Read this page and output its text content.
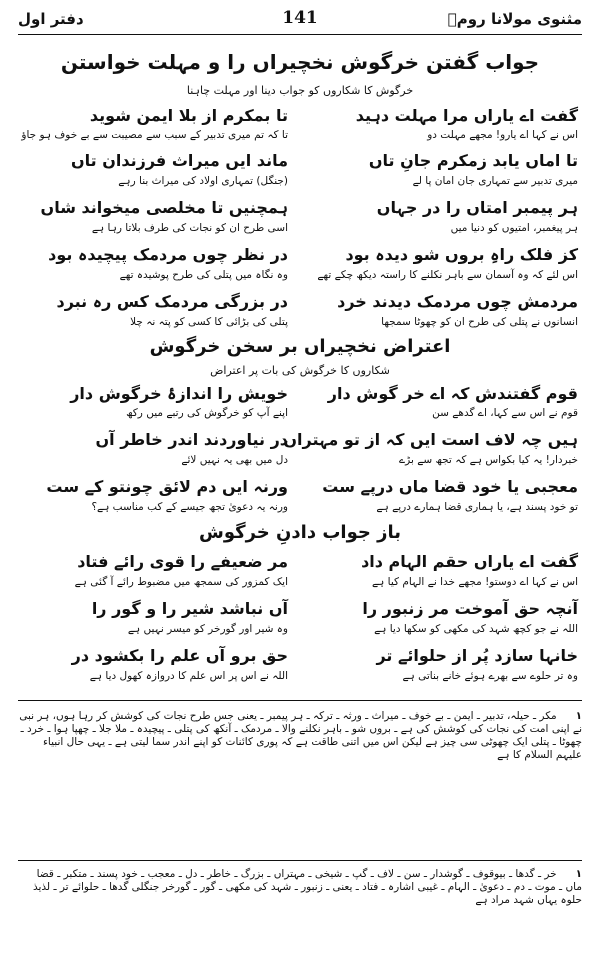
مثنوی مولانا رومؒ
141
دفتر اول
جواب گفتن خرگوش نخچیراں را و مہلت خواستن
خرگوش کا شکاروں کو جواب دینا اور مہلت چاہنا
گفت اے یاراں مرا مہلت دہید
تا بمکرم از بلا ایمن شوید
اس نے کہا اے یارو! مجھے مہلت دو
تا کہ تم میری تدبیر کے سبب سے مصیبت سے بے خوف ہو جاؤ
تا اماں یابد زمکرم جانِ تاں
ماند ایں میراث فرزندان تاں
میری تدبیر سے تمہاری جان امان پا لے
(جنگل) تمہاری اولاد کی میراث بنا رہے
ہر پیمبر امتاں را در جہاں
ہمچنیں تا مخلصی میخواند شاں
ہر پیغمبر، امتیوں کو دنیا میں
اسی طرح ان کو نجات کی طرف بلاتا رہا ہے
کز فلک راہِ بروں شو دیدہ بود
در نظر چوں مردمک پیچیدہ بود
اس لئے کہ وہ آسمان سے باہر نکلنے کا راستہ دیکھ چکے تھے
وہ نگاہ میں پتلی کی طرح پوشیدہ تھے
مردمش چوں مردمک دیدند خرد
در بزرگی مردمک کس رہ نبرد
انسانوں نے پتلی کی طرح ان کو چھوٹا سمجھا
پتلی کی بڑائی کا کسی کو پتہ نہ چلا
اعتراض نخچیراں بر سخن خرگوش
شکاروں کا خرگوش کی بات پر اعتراض
قوم گفتندش کہ اے خر گوش دار
خویش را اندازۂ خرگوش دار
قوم نے اس سے کہا، اے گدھے سن
اپنے آپ کو خرگوش کی رتبے میں رکھ
ہیں چہ لاف است ایں کہ از تو مہتراں
در نیاوردند اندر خاطر آں
خبردار! یہ کیا بکواس ہے کہ تجھ سے بڑے
دل میں بھی یہ نہیں لائے
معجبی یا خود قضا ماں درپے ست
ورنہ ایں دم لائق چونتو کے ست
تو خود پسند ہے، یا ہماری قضا ہمارے درپے ہے
ورنہ یہ دعویٰ تجھ جیسے کے کب مناسب ہے؟
باز جواب دادنِ خرگوش
گفت اے یاراں حقم الہام داد
مر ضعیفے را قوی رائے فتاد
اس نے کہا اے دوستو! مجھے خدا نے الہام کیا ہے
ایک کمزور کی سمجھ میں مضبوط رائے آ گئی ہے
آنچہ حق آموخت مر زنبور را
آں نباشد شیر را و گور را
اللہ نے جو کچھ شہد کی مکھی کو سکھا دیا ہے
وہ شیر اور گورخر کو میسر نہیں ہے
خانہا سازد پُر از حلوائے تر
حق برو آں علم را بکشود در
وہ تر حلوے سے بھرے ہوئے خانے بناتی ہے
اللہ نے اس پر اس علم کا دروازہ کھول دیا ہے
۱ مکر ـ حیلہ، تدبیر ـ ایمن ـ بے خوف ـ میراث ـ ورثہ ـ ترکہ ـ ہر پیمبر ـ یعنی جس طرح نجات کی کوشش کر رہا ہوں، ہر نبی نے اپنی امت کی نجات کی کوشش کی ہے ـ بروں شو ـ باہر نکلنے والا ـ مردمک ـ آنکھ کی پتلی ـ پیچیدہ ـ ملا جلا ـ چھپا ہوا ـ خرد ـ چھوٹا ـ پتلی ایک چھوٹی سی چیز ہے لیکن اس میں اتنی طاقت ہے کہ پوری کائنات کو اپنے اندر سما لیتی ہے ـ یہی حال انبیاء علیہم السلام کا ہے
۱ خر ـ گدھا ـ بیوقوف ـ گوشدار ـ سن ـ لاف ـ گپ ـ شیخی ـ مہتراں ـ بزرگ ـ خاطر ـ دل ـ معجب ـ خود پسند ـ متکبر ـ قضا ماں ـ موت ـ دم ـ دعویٰ ـ الہام ـ غیبی اشارہ ـ فتاد ـ یعنی ـ زنبور ـ شہد کی مکھی ـ گور ـ گورخر جنگلی گدھا ـ حلوائے تر ـ لذیذ حلوہ یہاں شہد مراد ہے
